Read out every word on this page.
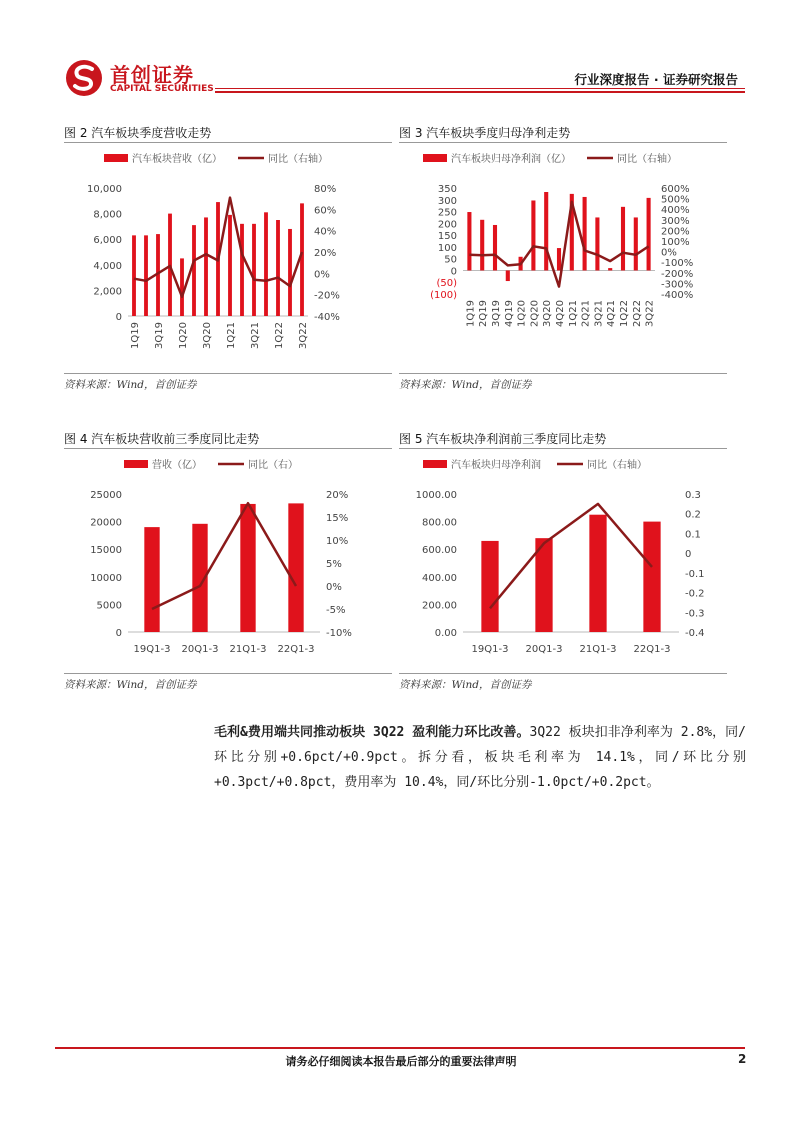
首创证券
CAPITAL SECURITIES
行业深度报告 · 证券研究报告
图 2 汽车板块季度营收走势
汽车板块营收（亿）	同比（右轴）
0
2,000
4,000
6,000
8,000
10,000
-40%
-20%
0%
20%
40%
60%
80%
1Q19 3Q19 1Q20 3Q20 1Q21 3Q21 1Q22 3Q22
资料来源：Wind，首创证券
图 3 汽车板块季度归母净利走势
汽车板块归母净利润（亿）	同比（右轴）
(100)
(50)
0
50
100
150
200
250
300
350
-400%
-300%
-200%
-100%
0%
100%
200%
300%
400%
500%
600%
1Q19 2Q19 3Q19 4Q19 1Q20 2Q20 3Q20 4Q20 1Q21 2Q21 3Q21 4Q21 1Q22 2Q22 3Q22
资料来源：Wind，首创证券
图 4 汽车板块营收前三季度同比走势
营收（亿）	同比（右）
0
5000
10000
15000
20000
25000
-10%
-5%
0%
5%
10%
15%
20%
19Q1-3 20Q1-3 21Q1-3 22Q1-3
资料来源：Wind，首创证券
图 5 汽车板块净利润前三季度同比走势
汽车板块归母净利润	同比（右轴）
0.00
200.00
400.00
600.00
800.00
1000.00
-0.4
-0.3
-0.2
-0.1
0
0.1
0.2
0.3
19Q1-3 20Q1-3 21Q1-3 22Q1-3
资料来源：Wind，首创证券
毛利&费用端共同推动板块 3Q22 盈利能力环比改善。3Q22 板块扣非净利率为 2.8%，同/环比分别+0.6pct/+0.9pct。拆分看，板块毛利率为 14.1%，同/环比分别+0.3pct/+0.8pct，费用率为 10.4%，同/环比分别-1.0pct/+0.2pct。
请务必仔细阅读本报告最后部分的重要法律声明	2
